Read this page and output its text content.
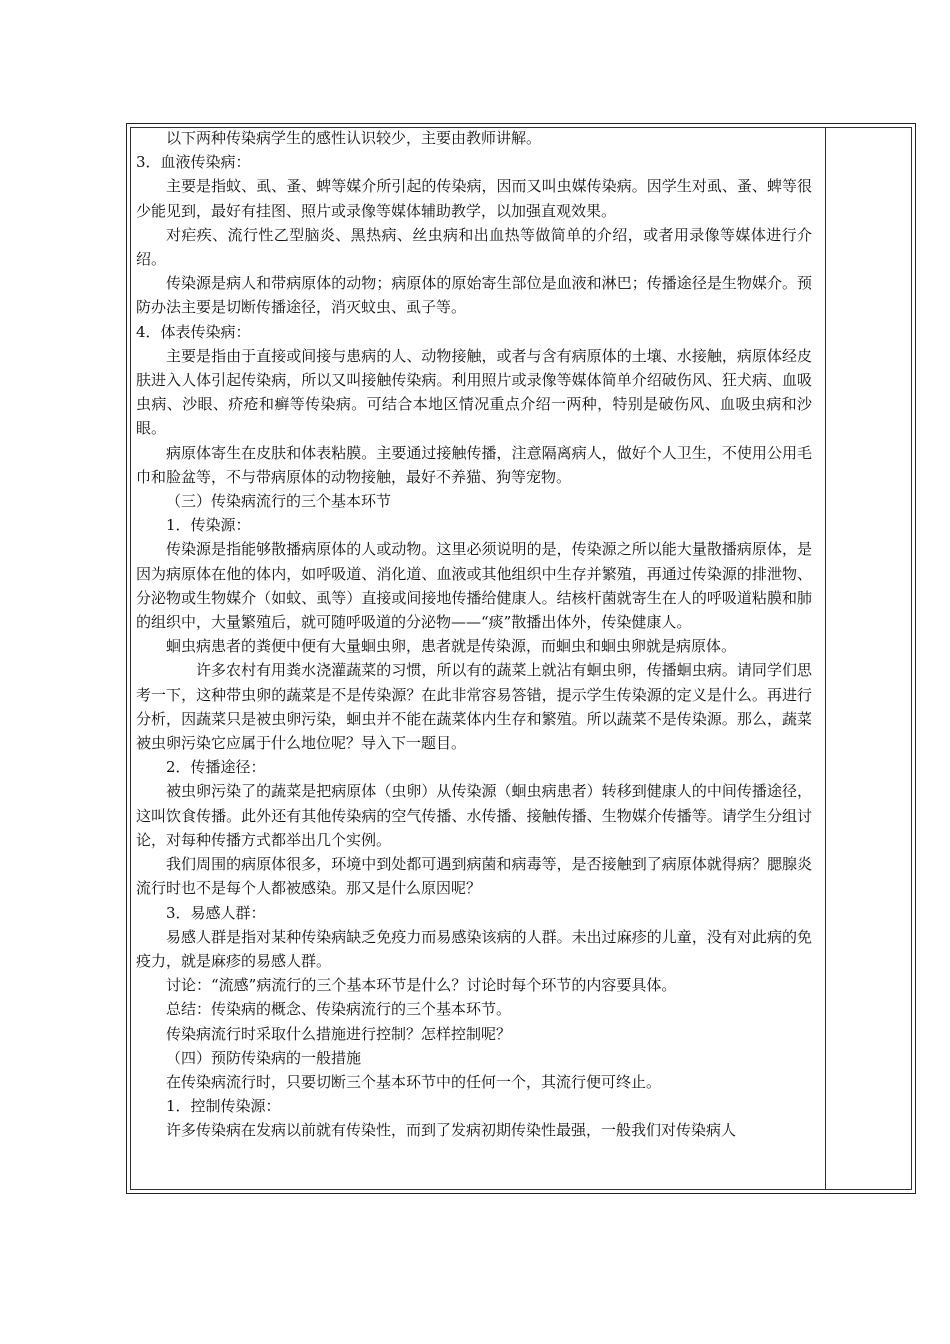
以下两种传染病学生的感性认识较少，主要由教师讲解。

3．血液传染病：

主要是指蚊、虱、蚤、蜱等媒介所引起的传染病，因而又叫虫媒传染病。因学生对虱、蚤、蜱等很少能见到，最好有挂图、照片或录像等媒体辅助教学，以加强直观效果。

对疟疾、流行性乙型脑炎、黑热病、丝虫病和出血热等做简单的介绍，或者用录像等媒体进行介绍。

传染源是病人和带病原体的动物；病原体的原始寄生部位是血液和淋巴；传播途径是生物媒介。预防办法主要是切断传播途径，消灭蚊虫、虱子等。

4．体表传染病：

主要是指由于直接或间接与患病的人、动物接触，或者与含有病原体的土壤、水接触，病原体经皮肤进入人体引起传染病，所以又叫接触传染病。利用照片或录像等媒体简单介绍破伤风、狂犬病、血吸虫病、沙眼、疥疮和癣等传染病。可结合本地区情况重点介绍一两种，特别是破伤风、血吸虫病和沙眼。

病原体寄生在皮肤和体表粘膜。主要通过接触传播，注意隔离病人，做好个人卫生，不使用公用毛巾和脸盆等，不与带病原体的动物接触，最好不养猫、狗等宠物。

（三）传染病流行的三个基本环节

1．传染源：

传染源是指能够散播病原体的人或动物。这里必须说明的是，传染源之所以能大量散播病原体，是因为病原体在他的体内，如呼吸道、消化道、血液或其他组织中生存并繁殖，再通过传染源的排泄物、分泌物或生物媒介（如蚊、虱等）直接或间接地传播给健康人。结核杆菌就寄生在人的呼吸道粘膜和肺的组织中，大量繁殖后，就可随呼吸道的分泌物——“痰”散播出体外，传染健康人。

蛔虫病患者的粪便中便有大量蛔虫卵，患者就是传染源，而蛔虫和蛔虫卵就是病原体。

许多农村有用粪水浇灌蔬菜的习惯，所以有的蔬菜上就沾有蛔虫卵，传播蛔虫病。请同学们思考一下，这种带虫卵的蔬菜是不是传染源？在此非常容易答错，提示学生传染源的定义是什么。再进行分析，因蔬菜只是被虫卵污染，蛔虫并不能在蔬菜体内生存和繁殖。所以蔬菜不是传染源。那么，蔬菜被虫卵污染它应属于什么地位呢？导入下一题目。

2．传播途径：

被虫卵污染了的蔬菜是把病原体（虫卵）从传染源（蛔虫病患者）转移到健康人的中间传播途径，这叫饮食传播。此外还有其他传染病的空气传播、水传播、接触传播、生物媒介传播等。请学生分组讨论，对每种传播方式都举出几个实例。

我们周围的病原体很多，环境中到处都可遇到病菌和病毒等，是否接触到了病原体就得病？腮腺炎流行时也不是每个人都被感染。那又是什么原因呢？

3．易感人群：

易感人群是指对某种传染病缺乏免疫力而易感染该病的人群。未出过麻疹的儿童，没有对此病的免疫力，就是麻疹的易感人群。

讨论：“流感”病流行的三个基本环节是什么？讨论时每个环节的内容要具体。

总结：传染病的概念、传染病流行的三个基本环节。

传染病流行时采取什么措施进行控制？怎样控制呢？

（四）预防传染病的一般措施

在传染病流行时，只要切断三个基本环节中的任何一个，其流行便可终止。

1．控制传染源：

许多传染病在发病以前就有传染性，而到了发病初期传染性最强，一般我们对传染病人
